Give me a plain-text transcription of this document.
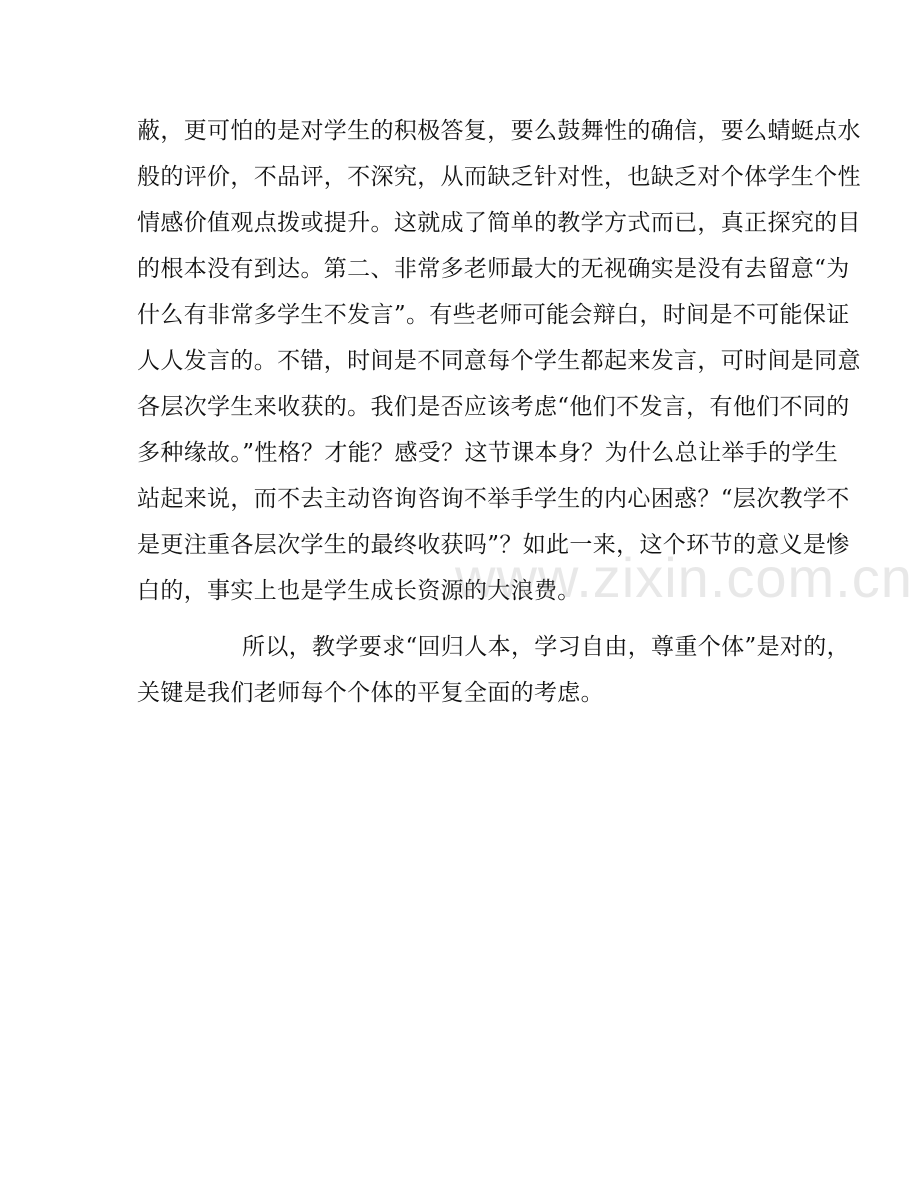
蔽，更可怕的是对学生的积极答复，要么鼓舞性的确信，要么蜻蜓点水
般的评价，不品评，不深究，从而缺乏针对性，也缺乏对个体学生个性
情感价值观点拨或提升。这就成了简单的教学方式而已，真正探究的目
的根本没有到达。第二、非常多老师最大的无视确实是没有去留意“为
什么有非常多学生不发言”。有些老师可能会辩白，时间是不可能保证
人人发言的。不错，时间是不同意每个学生都起来发言，可时间是同意
各层次学生来收获的。我们是否应该考虑“他们不发言，有他们不同的
多种缘故。”性格？才能？感受？这节课本身？为什么总让举手的学生
站起来说，而不去主动咨询咨询不举手学生的内心困惑？“层次教学不
是更注重各层次学生的最终收获吗”？如此一来，这个环节的意义是惨
白的，事实上也是学生成长资源的大浪费。
所以，教学要求“回归人本，学习自由，尊重个体”是对的，
关键是我们老师每个个体的平复全面的考虑。
www.zixin.com.cn
